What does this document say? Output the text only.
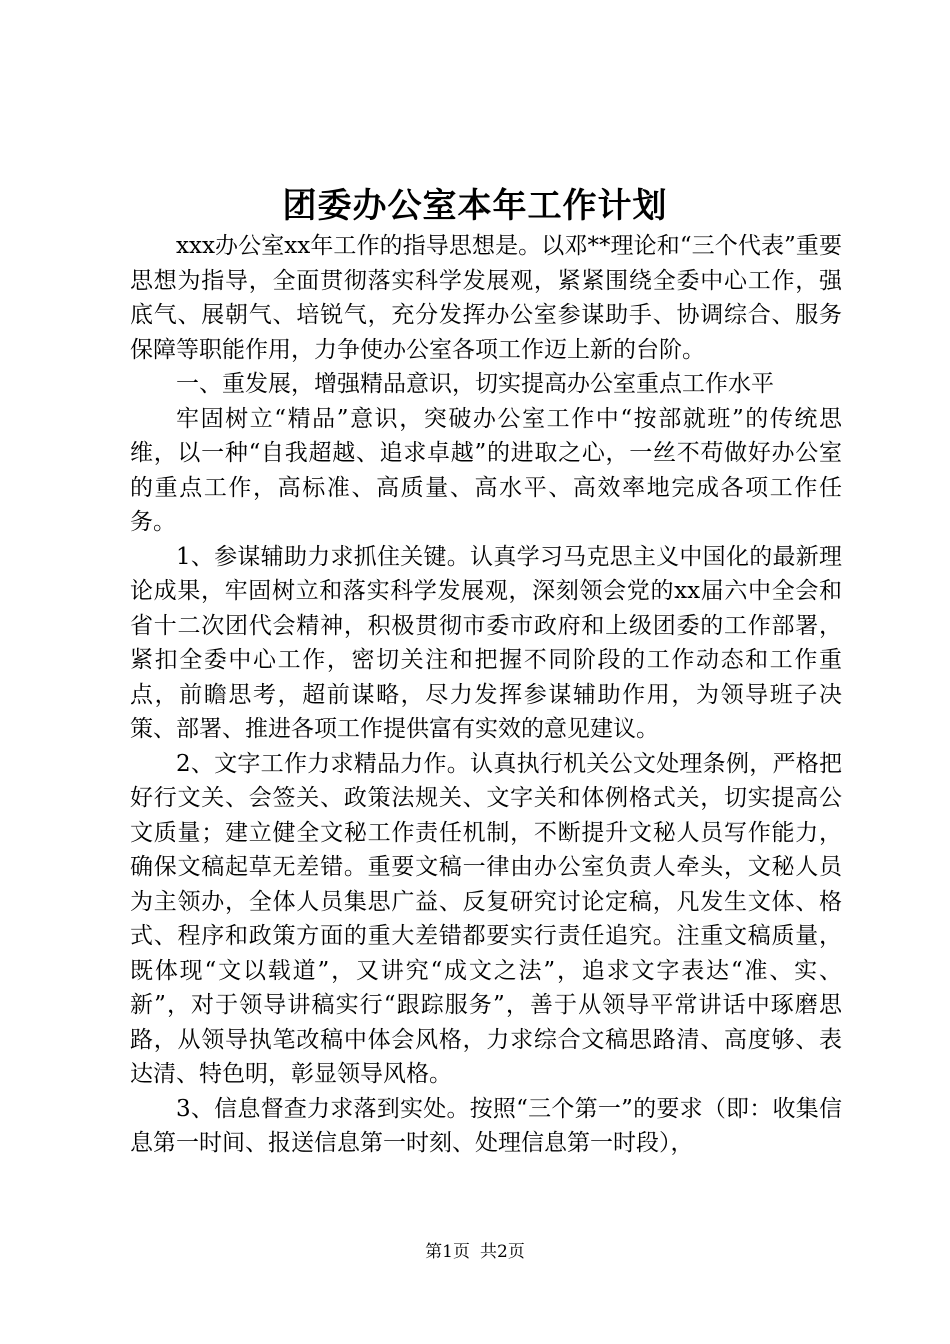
团委办公室本年工作计划

xxx办公室xx年工作的指导思想是。以邓**理论和“三个代表”重要思想为指导，全面贯彻落实科学发展观，紧紧围绕全委中心工作，强底气、展朝气、培锐气，充分发挥办公室参谋助手、协调综合、服务保障等职能作用，力争使办公室各项工作迈上新的台阶。

一、重发展，增强精品意识，切实提高办公室重点工作水平

牢固树立“精品”意识，突破办公室工作中“按部就班”的传统思维，以一种“自我超越、追求卓越”的进取之心，一丝不苟做好办公室的重点工作，高标准、高质量、高水平、高效率地完成各项工作任务。

1、参谋辅助力求抓住关键。认真学习马克思主义中国化的最新理论成果，牢固树立和落实科学发展观，深刻领会党的xx届六中全会和省十二次团代会精神，积极贯彻市委市政府和上级团委的工作部署，紧扣全委中心工作，密切关注和把握不同阶段的工作动态和工作重点，前瞻思考，超前谋略，尽力发挥参谋辅助作用，为领导班子决策、部署、推进各项工作提供富有实效的意见建议。

2、文字工作力求精品力作。认真执行机关公文处理条例，严格把好行文关、会签关、政策法规关、文字关和体例格式关，切实提高公文质量；建立健全文秘工作责任机制，不断提升文秘人员写作能力，确保文稿起草无差错。重要文稿一律由办公室负责人牵头，文秘人员为主领办，全体人员集思广益、反复研究讨论定稿，凡发生文体、格式、程序和政策方面的重大差错都要实行责任追究。注重文稿质量，既体现“文以载道”，又讲究“成文之法”，追求文字表达“准、实、新”，对于领导讲稿实行“跟踪服务”，善于从领导平常讲话中琢磨思路，从领导执笔改稿中体会风格，力求综合文稿思路清、高度够、表达清、特色明，彰显领导风格。

3、信息督查力求落到实处。按照“三个第一”的要求（即：收集信息第一时间、报送信息第一时刻、处理信息第一时段），

第1页 共2页
